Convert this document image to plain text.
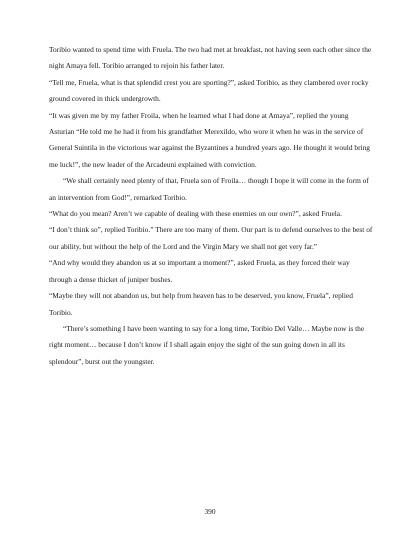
Toribio wanted to spend time with Fruela. The two had met at breakfast, not having seen each other since the night Amaya fell. Toribio arranged to rejoin his father later.

“Tell me, Fruela, what is that splendid crest you are sporting?”, asked Toribio, as they clambered over rocky ground covered in thick undergrowth.

“It was given me by my father Froila, when he learned what I had done at Amaya”, replied the young Asturian “He told me he had it from his grandfather Merexildo, who wore it when he was in the service of General Suintila in the victorious war against the Byzantines a hundred years ago. He thought it would bring me luck!”, the new leader of the Arcadeuni explained with conviction.

“We shall certainly need plenty of that, Fruela son of Froila… though I hope it will come in the form of an intervention from God!”, remarked Toribio.

“What do you mean? Aren’t we capable of dealing with these enemies on our own?”, asked Fruela.

“I don’t think so”, replied Toribio.” There are too many of them. Our part is to defend ourselves to the best of our ability, but without the help of the Lord and the Virgin Mary we shall not get very far.”

“And why would they abandon us at so important a moment?”, asked Fruela, as they forced their way through a dense thicket of juniper bushes.

“Maybe they will not abandon us, but help from heaven has to be deserved, you know, Fruela”, replied Toribio.

“There’s something I have been wanting to say for a long time, Toribio Del Valle… Maybe now is the right moment… because I don’t know if I shall again enjoy the sight of the sun going down in all its splendour”, burst out the youngster.

390
